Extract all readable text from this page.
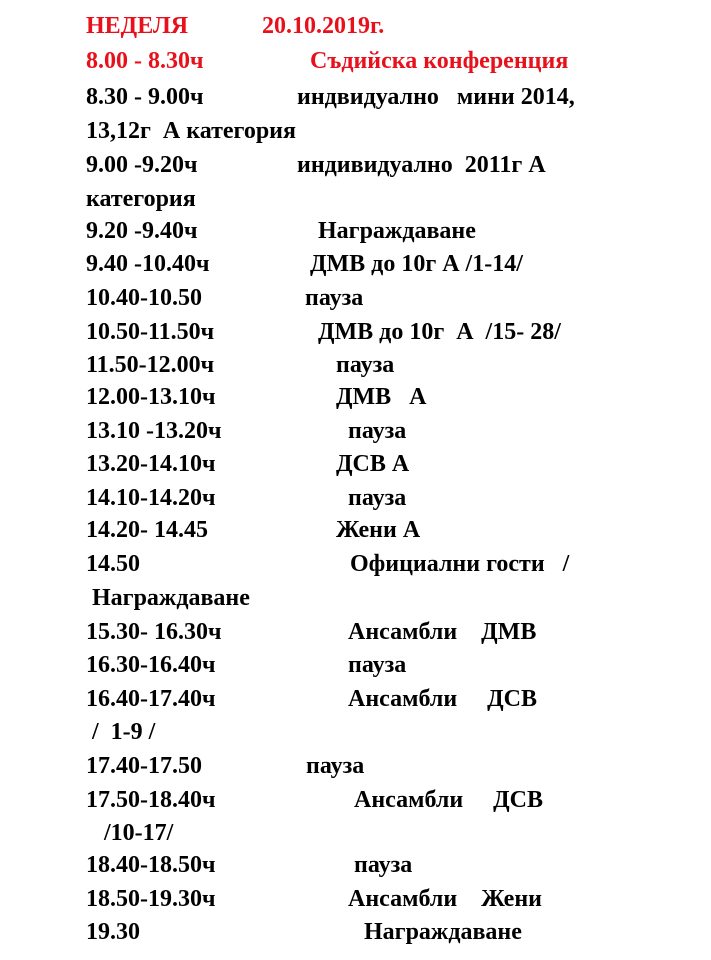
НЕДЕЛЯ	20.10.2019г.
8.00 - 8.30ч	Съдийска конференция
8.30 - 9.00ч	индвидуално   мини 2014,
13,12г  А категория
9.00 -9.20ч	индивидуално  2011г А
категория
9.20 -9.40ч	Награждаване
9.40 -10.40ч	ДМВ до 10г А /1-14/
10.40-10.50	пауза
10.50-11.50ч	ДМВ до 10г  А  /15- 28/
11.50-12.00ч	пауза
12.00-13.10ч	ДМВ   А
13.10 -13.20ч	пауза
13.20-14.10ч	ДСВ А
14.10-14.20ч	пауза
14.20- 14.45	Жени А
14.50	Официални гости   /
Награждаване
15.30- 16.30ч	Ансамбли    ДМВ
16.30-16.40ч	пауза
16.40-17.40ч	Ансамбли     ДСВ
/  1-9 /
17.40-17.50	пауза
17.50-18.40ч	Ансамбли     ДСВ
/10-17/
18.40-18.50ч	пауза
18.50-19.30ч	Ансамбли    Жени
19.30	Награждаване
